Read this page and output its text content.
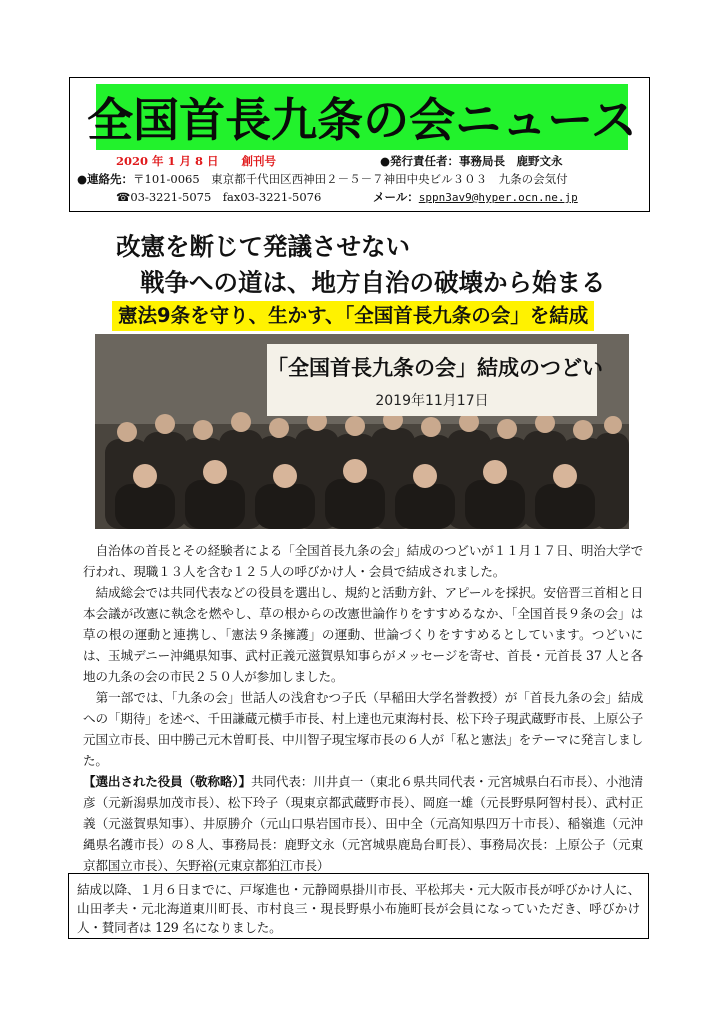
全国首長九条の会ニュース
2020 年 1 月 8 日　　創刊号	●発行責任者：事務局長　鹿野文永
●連絡先：〒101-0065　東京都千代田区西神田２－５－７神田中央ビル３０３　九条の会気付
☎03-3221-5075　fax03-3221-5076	メール：sppn3av9@hyper.ocn.ne.jp
改憲を断じて発議させない
戦争への道は、地方自治の破壊から始まる
憲法9条を守り、生かす、「全国首長九条の会」を結成
「全国首長九条の会」結成のつどい
2019年11月17日

自治体の首長とその経験者による「全国首長九条の会」結成のつどいが１１月１７日、明治大学で行われ、現職１３人を含む１２５人の呼びかけ人・会員で結成されました。

結成総会では共同代表などの役員を選出し、規約と活動方針、アピールを採択。安倍晋三首相と日本会議が改憲に執念を燃やし、草の根からの改憲世論作りをすすめるなか、「全国首長９条の会」は草の根の運動と連携し、「憲法９条擁護」の運動、世論づくりをすすめるとしています。つどいには、玉城デニー沖縄県知事、武村正義元滋賀県知事らがメッセージを寄せ、首長・元首長 37 人と各地の九条の会の市民２５０人が参加しました。

第一部では、「九条の会」世話人の浅倉むつ子氏（早稲田大学名誉教授）が「首長九条の会」結成への「期待」を述べ、千田謙蔵元横手市長、村上達也元東海村長、松下玲子現武蔵野市長、上原公子元国立市長、田中勝己元木曽町長、中川智子現宝塚市長の６人が「私と憲法」をテーマに発言しました。

【選出された役員（敬称略）】共同代表：川井貞一（東北６県共同代表・元宮城県白石市長）、小池清彦（元新潟県加茂市長）、松下玲子（現東京都武蔵野市長）、岡庭一雄（元長野県阿智村長）、武村正義（元滋賀県知事）、井原勝介（元山口県岩国市長）、田中全（元高知県四万十市長）、稲嶺進（元沖縄県名護市長）の８人、事務局長：鹿野文永（元宮城県鹿島台町長）、事務局次長：上原公子（元東京都国立市長）、矢野裕(元東京都狛江市長）

結成以降、１月６日までに、戸塚進也・元静岡県掛川市長、平松邦夫・元大阪市長が呼びかけ人に、山田孝夫・元北海道東川町長、市村良三・現長野県小布施町長が会員になっていただき、呼びかけ人・賛同者は 129 名になりました。
